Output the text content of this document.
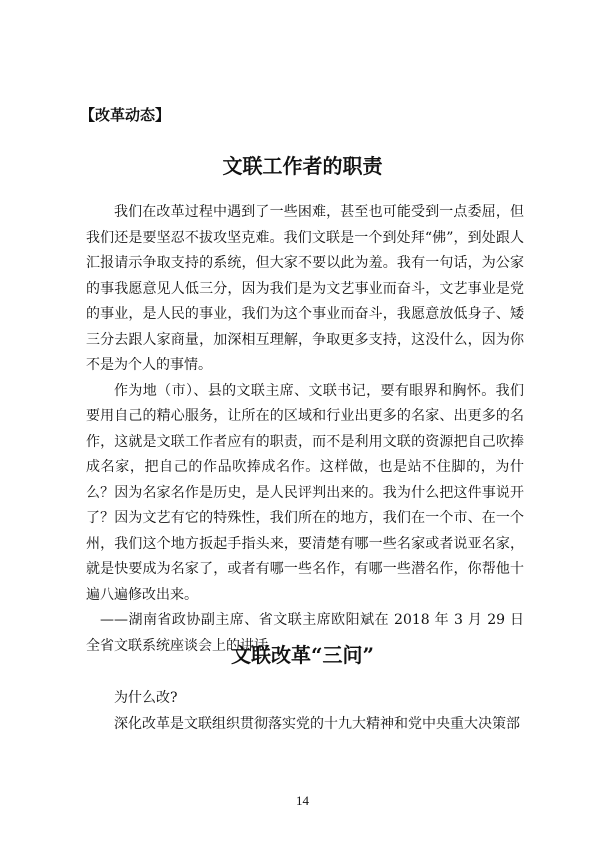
【改革动态】
文联工作者的职责

我们在改革过程中遇到了一些困难，甚至也可能受到一点委屈，但我们还是要坚忍不拔攻坚克难。我们文联是一个到处拜“佛”，到处跟人汇报请示争取支持的系统，但大家不要以此为羞。我有一句话，为公家的事我愿意见人低三分，因为我们是为文艺事业而奋斗，文艺事业是党的事业，是人民的事业，我们为这个事业而奋斗，我愿意放低身子、矮三分去跟人家商量，加深相互理解，争取更多支持，这没什么，因为你不是为个人的事情。

作为地（市）、县的文联主席、文联书记，要有眼界和胸怀。我们要用自己的精心服务，让所在的区域和行业出更多的名家、出更多的名作，这就是文联工作者应有的职责，而不是利用文联的资源把自己吹捧成名家，把自己的作品吹捧成名作。这样做，也是站不住脚的，为什么？因为名家名作是历史，是人民评判出来的。我为什么把这件事说开了？因为文艺有它的特殊性，我们所在的地方，我们在一个市、在一个州，我们这个地方扳起手指头来，要清楚有哪一些名家或者说亚名家，就是快要成为名家了，或者有哪一些名作，有哪一些潜名作，你帮他十遍八遍修改出来。

——湖南省政协副主席、省文联主席欧阳斌在 2018 年 3 月 29 日全省文联系统座谈会上的讲话

文联改革“三问”

为什么改?

深化改革是文联组织贯彻落实党的十九大精神和党中央重大决策部

14
